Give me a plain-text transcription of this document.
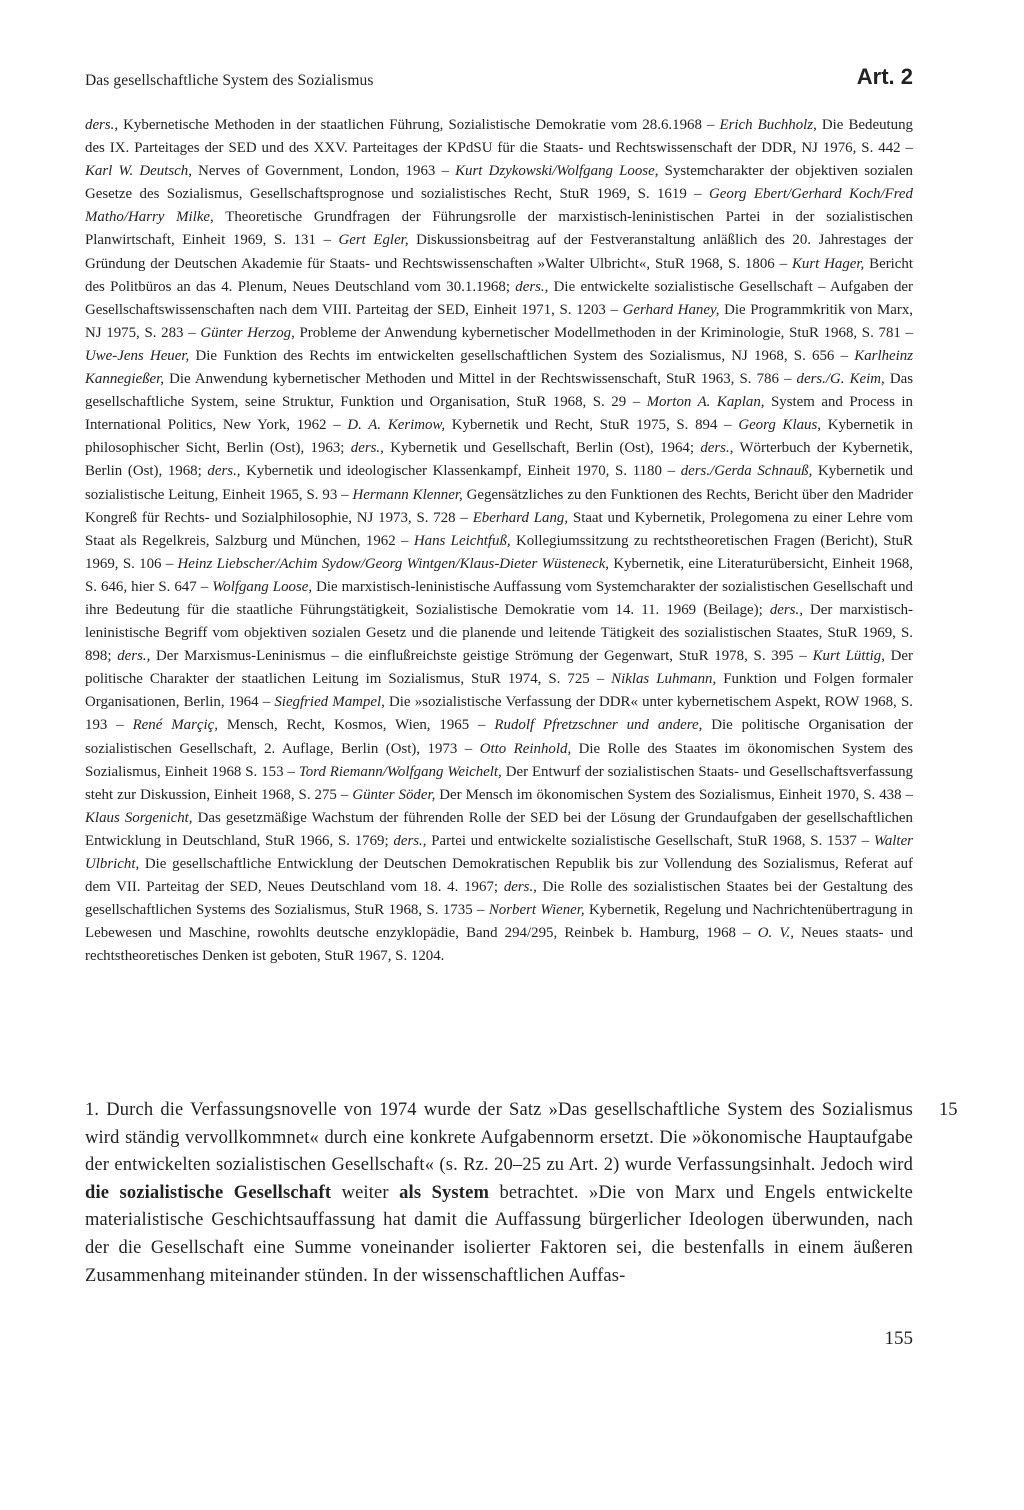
Das gesellschaftliche System des Sozialismus	Art. 2
ders., Kybernetische Methoden in der staatlichen Führung, Sozialistische Demokratie vom 28.6.1968 – Erich Buchholz, Die Bedeutung des IX. Parteitages der SED und des XXV. Parteitages der KPdSU für die Staats- und Rechtswissenschaft der DDR, NJ 1976, S. 442 – Karl W. Deutsch, Nerves of Government, London, 1963 – Kurt Dzykowski/Wolfgang Loose, Systemcharakter der objektiven sozialen Gesetze des Sozialismus, Gesellschaftsprognose und sozialistisches Recht, StuR 1969, S. 1619 – Georg Ebert/Gerhard Koch/Fred Matho/Harry Milke, Theoretische Grundfragen der Führungsrolle der marxistisch-leninistischen Partei in der sozialistischen Planwirtschaft, Einheit 1969, S. 131 – Gert Egler, Diskussionsbeitrag auf der Festveranstaltung anläßlich des 20. Jahrestages der Gründung der Deutschen Akademie für Staats- und Rechtswissenschaften »Walter Ulbricht«, StuR 1968, S. 1806 – Kurt Hager, Bericht des Politbüros an das 4. Plenum, Neues Deutschland vom 30.1.1968; ders., Die entwickelte sozialistische Gesellschaft – Aufgaben der Gesellschaftswissenschaften nach dem VIII. Parteitag der SED, Einheit 1971, S. 1203 – Gerhard Haney, Die Programmkritik von Marx, NJ 1975, S. 283 – Günter Herzog, Probleme der Anwendung kybernetischer Modellmethoden in der Kriminologie, StuR 1968, S. 781 – Uwe-Jens Heuer, Die Funktion des Rechts im entwickelten gesellschaftlichen System des Sozialismus, NJ 1968, S. 656 – Karlheinz Kannegießer, Die Anwendung kybernetischer Methoden und Mittel in der Rechtswissenschaft, StuR 1963, S. 786 – ders./G. Keim, Das gesellschaftliche System, seine Struktur, Funktion und Organisation, StuR 1968, S. 29 – Morton A. Kaplan, System and Process in International Politics, New York, 1962 – D. A. Kerimow, Kybernetik und Recht, StuR 1975, S. 894 – Georg Klaus, Kybernetik in philosophischer Sicht, Berlin (Ost), 1963; ders., Kybernetik und Gesellschaft, Berlin (Ost), 1964; ders., Wörterbuch der Kybernetik, Berlin (Ost), 1968; ders., Kybernetik und ideologischer Klassenkampf, Einheit 1970, S. 1180 – ders./Gerda Schnauß, Kybernetik und sozialistische Leitung, Einheit 1965, S. 93 – Hermann Klenner, Gegensätzliches zu den Funktionen des Rechts, Bericht über den Madrider Kongreß für Rechts- und Sozialphilosophie, NJ 1973, S. 728 – Eberhard Lang, Staat und Kybernetik, Prolegomena zu einer Lehre vom Staat als Regelkreis, Salzburg und München, 1962 – Hans Leichtfuß, Kollegiumssitzung zu rechtstheoretischen Fragen (Bericht), StuR 1969, S. 106 – Heinz Liebscher/Achim Sydow/Georg Wintgen/Klaus-Dieter Wüsteneck, Kybernetik, eine Literaturübersicht, Einheit 1968, S. 646, hier S. 647 – Wolfgang Loose, Die marxistisch-leninistische Auffassung vom Systemcharakter der sozialistischen Gesellschaft und ihre Bedeutung für die staatliche Führungstätigkeit, Sozialistische Demokratie vom 14. 11. 1969 (Beilage); ders., Der marxistisch-leninistische Begriff vom objektiven sozialen Gesetz und die planende und leitende Tätigkeit des sozialistischen Staates, StuR 1969, S. 898; ders., Der Marxismus-Leninismus – die einflußreichste geistige Strömung der Gegenwart, StuR 1978, S. 395 – Kurt Lüttig, Der politische Charakter der staatlichen Leitung im Sozialismus, StuR 1974, S. 725 – Niklas Luhmann, Funktion und Folgen formaler Organisationen, Berlin, 1964 – Siegfried Mampel, Die »sozialistische Verfassung der DDR« unter kybernetischem Aspekt, ROW 1968, S. 193 – René Marçiç, Mensch, Recht, Kosmos, Wien, 1965 – Rudolf Pfretzschner und andere, Die politische Organisation der sozialistischen Gesellschaft, 2. Auflage, Berlin (Ost), 1973 – Otto Reinhold, Die Rolle des Staates im ökonomischen System des Sozialismus, Einheit 1968 S. 153 – Tord Riemann/Wolfgang Weichelt, Der Entwurf der sozialistischen Staats- und Gesellschaftsverfassung steht zur Diskussion, Einheit 1968, S. 275 – Günter Söder, Der Mensch im ökonomischen System des Sozialismus, Einheit 1970, S. 438 – Klaus Sorgenicht, Das gesetzmäßige Wachstum der führenden Rolle der SED bei der Lösung der Grundaufgaben der gesellschaftlichen Entwicklung in Deutschland, StuR 1966, S. 1769; ders., Partei und entwickelte sozialistische Gesellschaft, StuR 1968, S. 1537 – Walter Ulbricht, Die gesellschaftliche Entwicklung der Deutschen Demokratischen Republik bis zur Vollendung des Sozialismus, Referat auf dem VII. Parteitag der SED, Neues Deutschland vom 18. 4. 1967; ders., Die Rolle des sozialistischen Staates bei der Gestaltung des gesellschaftlichen Systems des Sozialismus, StuR 1968, S. 1735 – Norbert Wiener, Kybernetik, Regelung und Nachrichtenübertragung in Lebewesen und Maschine, rowohlts deutsche enzyklopädie, Band 294/295, Reinbek b. Hamburg, 1968 – O. V., Neues staats- und rechtstheoretisches Denken ist geboten, StuR 1967, S. 1204.
1. Durch die Verfassungsnovelle von 1974 wurde der Satz »Das gesellschaftliche System des Sozialismus wird ständig vervollkommnet« durch eine konkrete Aufgabennorm ersetzt. Die »ökonomische Hauptaufgabe der entwickelten sozialistischen Gesellschaft« (s. Rz. 20–25 zu Art. 2) wurde Verfassungsinhalt. Jedoch wird die sozialistische Gesellschaft weiter als System betrachtet. »Die von Marx und Engels entwickelte materialistische Geschichtsauffassung hat damit die Auffassung bürgerlicher Ideologen überwunden, nach der die Gesellschaft eine Summe voneinander isolierter Faktoren sei, die bestenfalls in einem äußeren Zusammenhang miteinander stünden. In der wissenschaftlichen Auffas-
15
155
